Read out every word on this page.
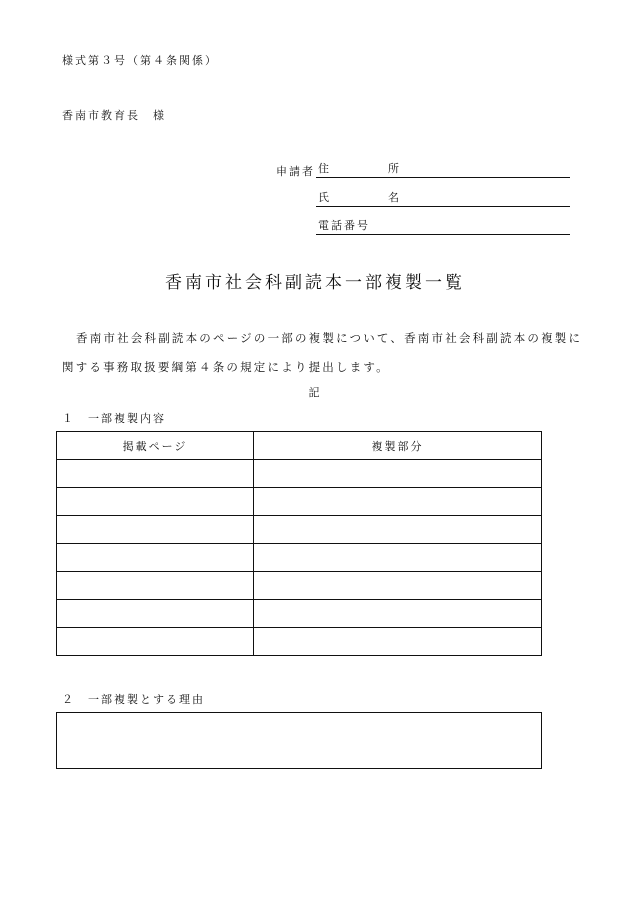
様式第３号（第４条関係）
香南市教育長　様
申請者 住	所
氏	名
電話番号
香南市社会科副読本一部複製一覧
香南市社会科副読本のページの一部の複製について、香南市社会科副読本の複製に関する事務取扱要綱第４条の規定により提出します。
記
１　一部複製内容
掲載ページ	複製部分

２　一部複製とする理由
